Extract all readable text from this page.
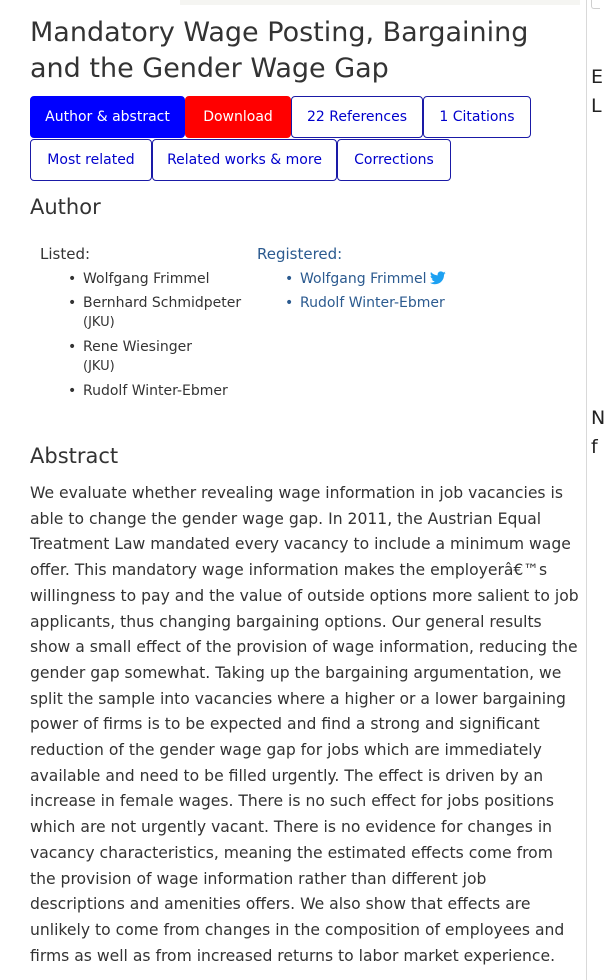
Mandatory Wage Posting, Bargaining and the Gender Wage Gap
Author & abstract	Download	22 References	1 Citations
Most related	Related works & more	Corrections
Author
Listed:
• Wolfgang Frimmel
• Bernhard Schmidpeter
(JKU)
• Rene Wiesinger
(JKU)
• Rudolf Winter-Ebmer
Registered:
• Wolfgang Frimmel
• Rudolf Winter-Ebmer
Abstract

We evaluate whether revealing wage information in job vacancies is able to change the gender wage gap. In 2011, the Austrian Equal Treatment Law mandated every vacancy to include a minimum wage offer. This mandatory wage information makes the employerâ€™s willingness to pay and the value of outside options more salient to job applicants, thus changing bargaining options. Our general results show a small effect of the provision of wage information, reducing the gender gap somewhat. Taking up the bargaining argumentation, we split the sample into vacancies where a higher or a lower bargaining power of firms is to be expected and find a strong and significant reduction of the gender wage gap for jobs which are immediately available and need to be filled urgently. The effect is driven by an increase in female wages. There is no such effect for jobs positions which are not urgently vacant. There is no evidence for changes in vacancy characteristics, meaning the estimated effects come from the provision of wage information rather than different job descriptions and amenities offers. We also show that effects are unlikely to come from changes in the composition of employees and firms as well as from increased returns to labor market experience.

E
L
N
f
